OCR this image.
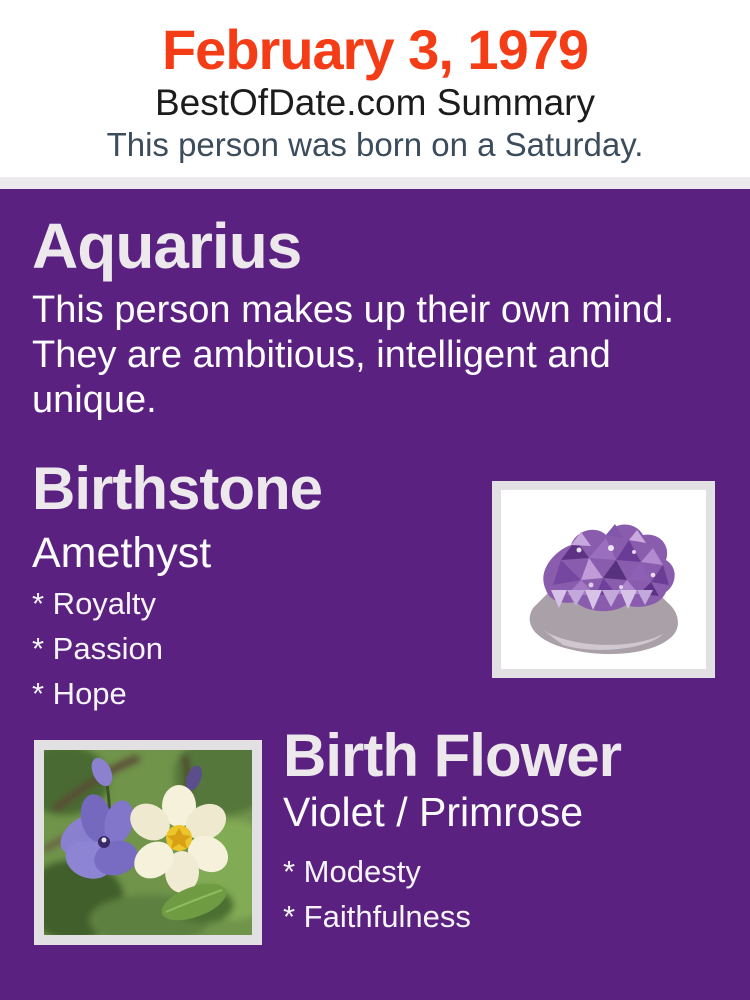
February 3, 1979
BestOfDate.com Summary
This person was born on a Saturday.
Aquarius
This person makes up their own mind. They are ambitious, intelligent and unique.
Birthstone
Amethyst
* Royalty
* Passion
* Hope
Birth Flower
Violet / Primrose
* Modesty
* Faithfulness
